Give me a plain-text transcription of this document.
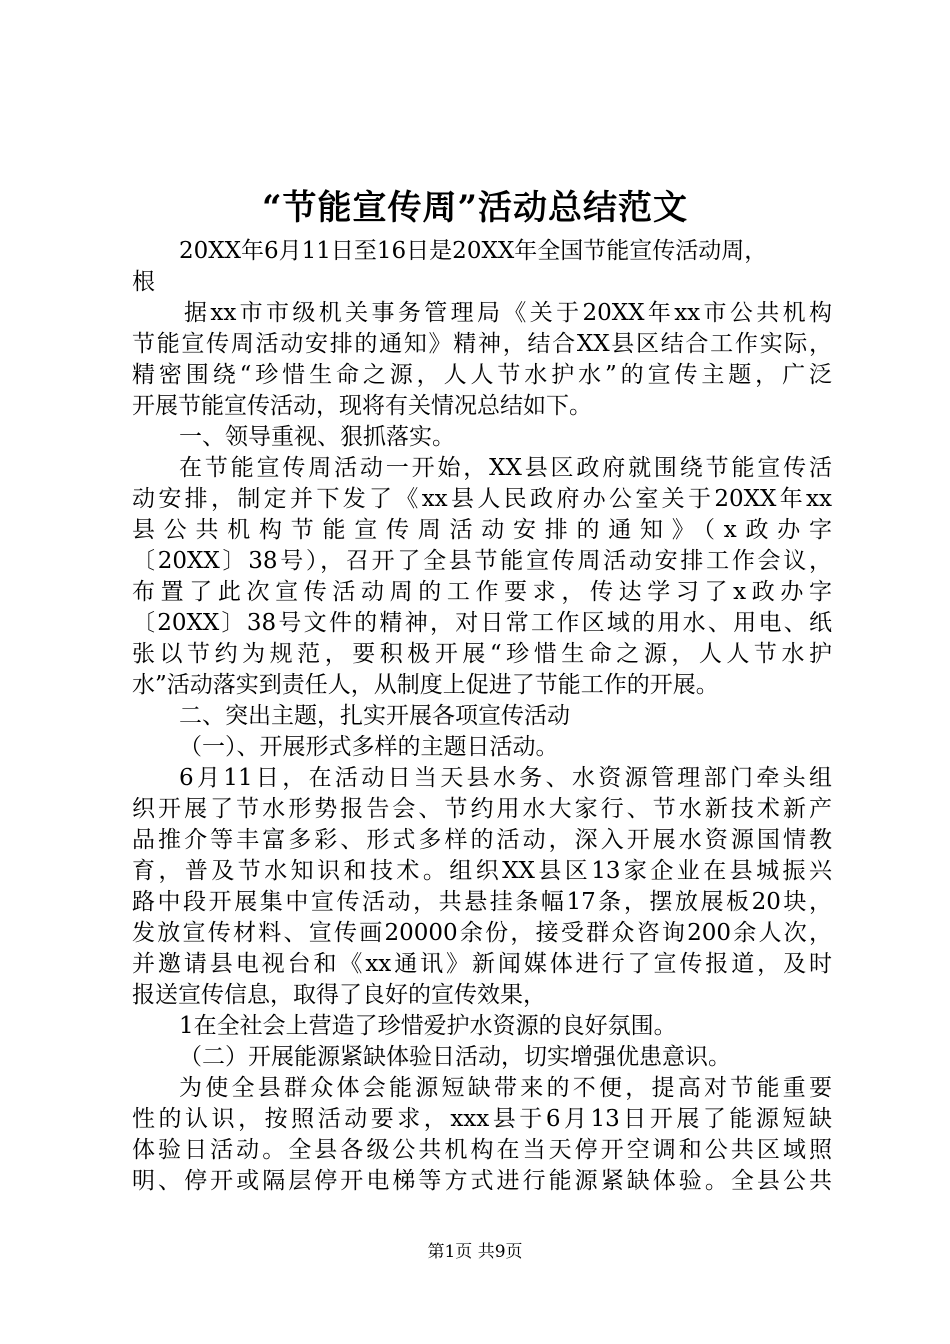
“节能宣传周”活动总结范文
20XX年6月11日至16日是20XX年全国节能宣传活动周，
根
据xx市市级机关事务管理局《关于20XX年xx市公共机构
节能宣传周活动安排的通知》精神，结合XX县区结合工作实际，
精密围绕“珍惜生命之源，人人节水护水”的宣传主题，广泛
开展节能宣传活动，现将有关情况总结如下。
一、领导重视、狠抓落实。
在节能宣传周活动一开始，XX县区政府就围绕节能宣传活
动安排，制定并下发了《xx县人民政府办公室关于20XX年xx
县公共机构节能宣传周活动安排的通知》（x政办字
〔20XX〕38号），召开了全县节能宣传周活动安排工作会议，
布置了此次宣传活动周的工作要求，传达学习了x政办字
〔20XX〕38号文件的精神，对日常工作区域的用水、用电、纸
张以节约为规范，要积极开展“珍惜生命之源，人人节水护
水”活动落实到责任人，从制度上促进了节能工作的开展。
二、突出主题，扎实开展各项宣传活动
（一）、开展形式多样的主题日活动。
6月11日，在活动日当天县水务、水资源管理部门牵头组
织开展了节水形势报告会、节约用水大家行、节水新技术新产
品推介等丰富多彩、形式多样的活动，深入开展水资源国情教
育，普及节水知识和技术。组织XX县区13家企业在县城振兴
路中段开展集中宣传活动，共悬挂条幅17条，摆放展板20块，
发放宣传材料、宣传画20000余份，接受群众咨询200余人次，
并邀请县电视台和《xx通讯》新闻媒体进行了宣传报道，及时
报送宣传信息，取得了良好的宣传效果，
1在全社会上营造了珍惜爱护水资源的良好氛围。
（二）开展能源紧缺体验日活动，切实增强优患意识。
为使全县群众体会能源短缺带来的不便，提高对节能重要
性的认识，按照活动要求，xxx县于6月13日开展了能源短缺
体验日活动。全县各级公共机构在当天停开空调和公共区域照
明、停开或隔层停开电梯等方式进行能源紧缺体验。全县公共
第1页 共9页
